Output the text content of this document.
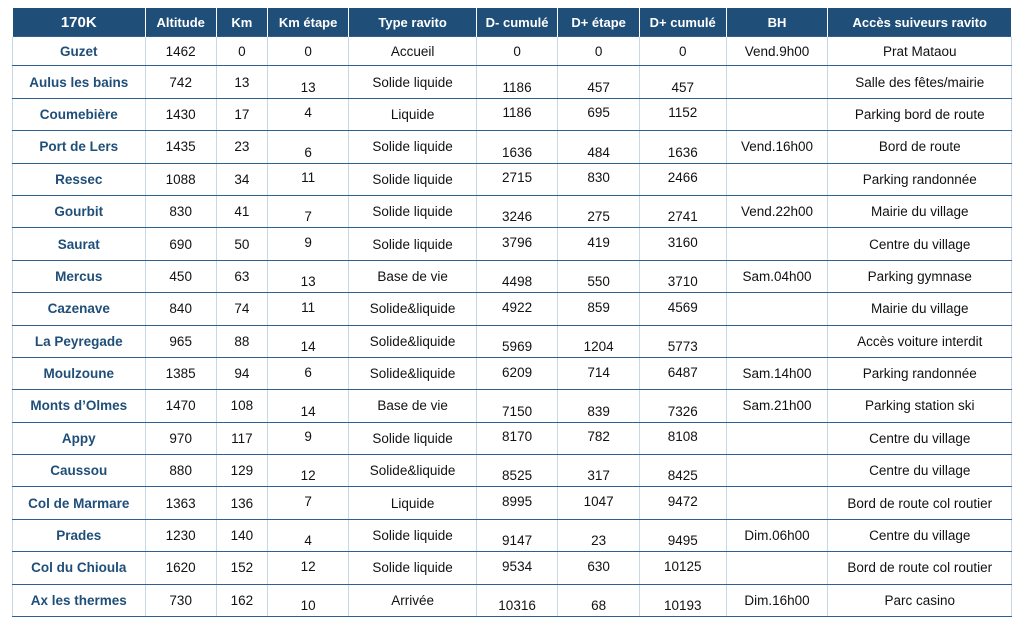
170K	Altitude	Km	Km étape	Type ravito	D- cumulé	D+ étape	D+ cumulé	BH	Accès suiveurs ravito
Guzet	1462	0	0	Accueil	0	0	0	Vend.9h00	Prat Mataou
Aulus les bains	742	13	13	Solide liquide	1186	457	457		Salle des fêtes/mairie
Coumebière	1430	17	4	Liquide	1186	695	1152		Parking bord de route
Port de Lers	1435	23	6	Solide liquide	1636	484	1636	Vend.16h00	Bord de route
Ressec	1088	34	11	Solide liquide	2715	830	2466		Parking randonnée
Gourbit	830	41	7	Solide liquide	3246	275	2741	Vend.22h00	Mairie du village
Saurat	690	50	9	Solide liquide	3796	419	3160		Centre du village
Mercus	450	63	13	Base de vie	4498	550	3710	Sam.04h00	Parking gymnase
Cazenave	840	74	11	Solide&liquide	4922	859	4569		Mairie du village
La Peyregade	965	88	14	Solide&liquide	5969	1204	5773		Accès voiture interdit
Moulzoune	1385	94	6	Solide&liquide	6209	714	6487	Sam.14h00	Parking randonnée
Monts d’Olmes	1470	108	14	Base de vie	7150	839	7326	Sam.21h00	Parking station ski
Appy	970	117	9	Solide liquide	8170	782	8108		Centre du village
Caussou	880	129	12	Solide&liquide	8525	317	8425		Centre du village
Col de Marmare	1363	136	7	Liquide	8995	1047	9472		Bord de route col routier
Prades	1230	140	4	Solide liquide	9147	23	9495	Dim.06h00	Centre du village
Col du Chioula	1620	152	12	Solide liquide	9534	630	10125		Bord de route col routier
Ax les thermes	730	162	10	Arrivée	10316	68	10193	Dim.16h00	Parc casino
